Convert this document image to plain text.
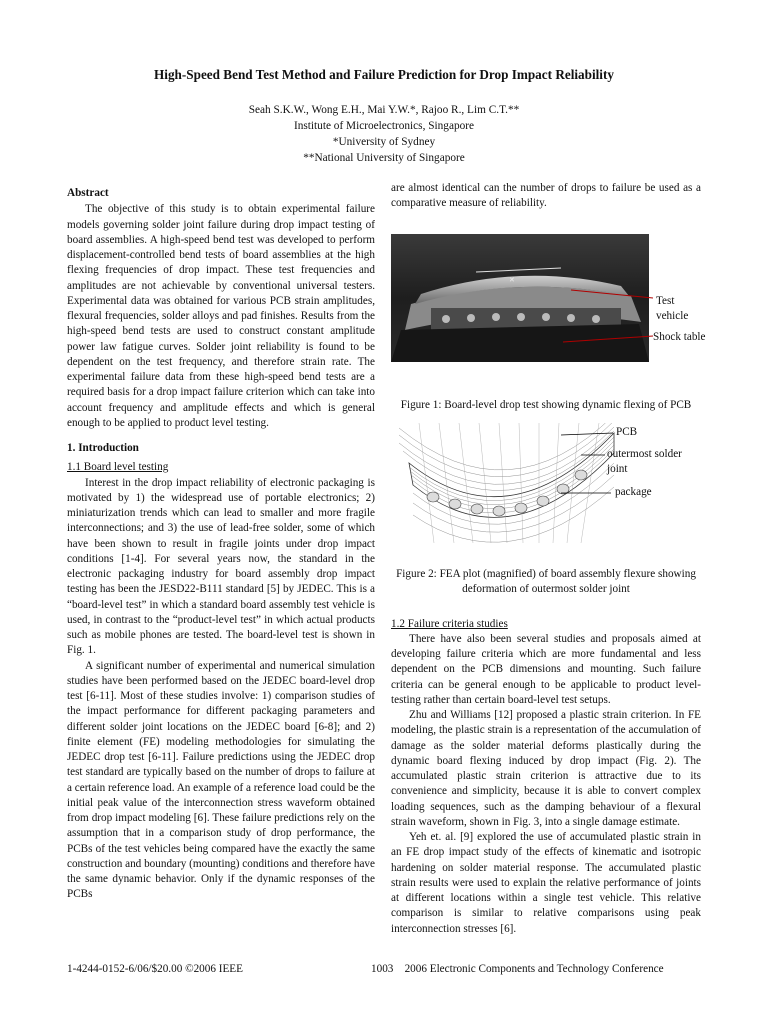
High-Speed Bend Test Method and Failure Prediction for Drop Impact Reliability
Seah S.K.W., Wong E.H., Mai Y.W.*, Rajoo R., Lim C.T.**
Institute of Microelectronics, Singapore
*University of Sydney
**National University of Singapore
Abstract

The objective of this study is to obtain experimental failure models governing solder joint failure during drop impact testing of board assemblies. A high-speed bend test was developed to perform displacement-controlled bend tests of board assemblies at the high flexing frequencies of drop impact. These test frequencies and amplitudes are not achievable by conventional universal testers. Experimental data was obtained for various PCB strain amplitudes, flexural frequencies, solder alloys and pad finishes. Results from the high-speed bend tests are used to construct constant amplitude power law fatigue curves. Solder joint reliability is found to be dependent on the test frequency, and therefore strain rate. The experimental failure data from these high-speed bend tests are a required basis for a drop impact failure criterion which can take into account frequency and amplitude effects and which is general enough to be applied to product level testing.

1. Introduction
1.1 Board level testing

Interest in the drop impact reliability of electronic packaging is motivated by 1) the widespread use of portable electronics; 2) miniaturization trends which can lead to smaller and more fragile interconnections; and 3) the use of lead-free solder, some of which have been shown to result in fragile joints under drop impact conditions [1-4]. For several years now, the standard in the electronic packaging industry for board assembly drop impact testing has been the JESD22-B111 standard [5] by JEDEC. This is a “board-level test” in which a standard board assembly test vehicle is used, in contrast to the “product-level test” in which actual products such as mobile phones are tested. The board-level test is shown in Fig. 1.

A significant number of experimental and numerical simulation studies have been performed based on the JEDEC board-level drop test [6-11]. Most of these studies involve: 1) comparison studies of the impact performance for different packaging parameters and different solder joint locations on the JEDEC board [6-8]; and 2) finite element (FE) modeling methodologies for simulating the JEDEC drop test [6-11]. Failure predictions using the JEDEC drop test standard are typically based on the number of drops to failure at a certain reference load. An example of a reference load could be the initial peak value of the interconnection stress waveform obtained from drop impact modeling [6]. These failure predictions rely on the assumption that in a comparison study of drop performance, the PCBs of the test vehicles being compared have the exactly the same construction and boundary (mounting) conditions and therefore have the same dynamic behavior. Only if the dynamic responses of the PCBs

are almost identical can the number of drops to failure be used as a comparative measure of reliability.

✕
Test vehicle
Shock table
Figure 1: Board-level drop test showing dynamic flexing of PCB
PCB
outermost solder joint
package
Figure 2: FEA plot (magnified) of board assembly flexure showing deformation of outermost solder joint
1.2 Failure criteria studies

There have also been several studies and proposals aimed at developing failure criteria which are more fundamental and less dependent on the PCB dimensions and mounting. Such failure criteria can be general enough to be applicable to product level-testing rather than certain board-level test setups.

Zhu and Williams [12] proposed a plastic strain criterion. In FE modeling, the plastic strain is a representation of the accumulation of damage as the solder material deforms plastically during the dynamic board flexing induced by drop impact (Fig. 2). The accumulated plastic strain criterion is attractive due to its convenience and simplicity, because it is able to convert complex loading sequences, such as the damping behaviour of a flexural strain waveform, shown in Fig. 3, into a single damage estimate.

Yeh et. al. [9] explored the use of accumulated plastic strain in an FE drop impact study of the effects of kinematic and isotropic hardening on solder material response. The accumulated plastic strain results were used to explain the relative performance of joints at different locations within a single test vehicle. This relative comparison is similar to relative comparisons using peak interconnection stresses [6].

1-4244-0152-6/06/$20.00 ©2006 IEEE	1003    2006 Electronic Components and Technology Conference
